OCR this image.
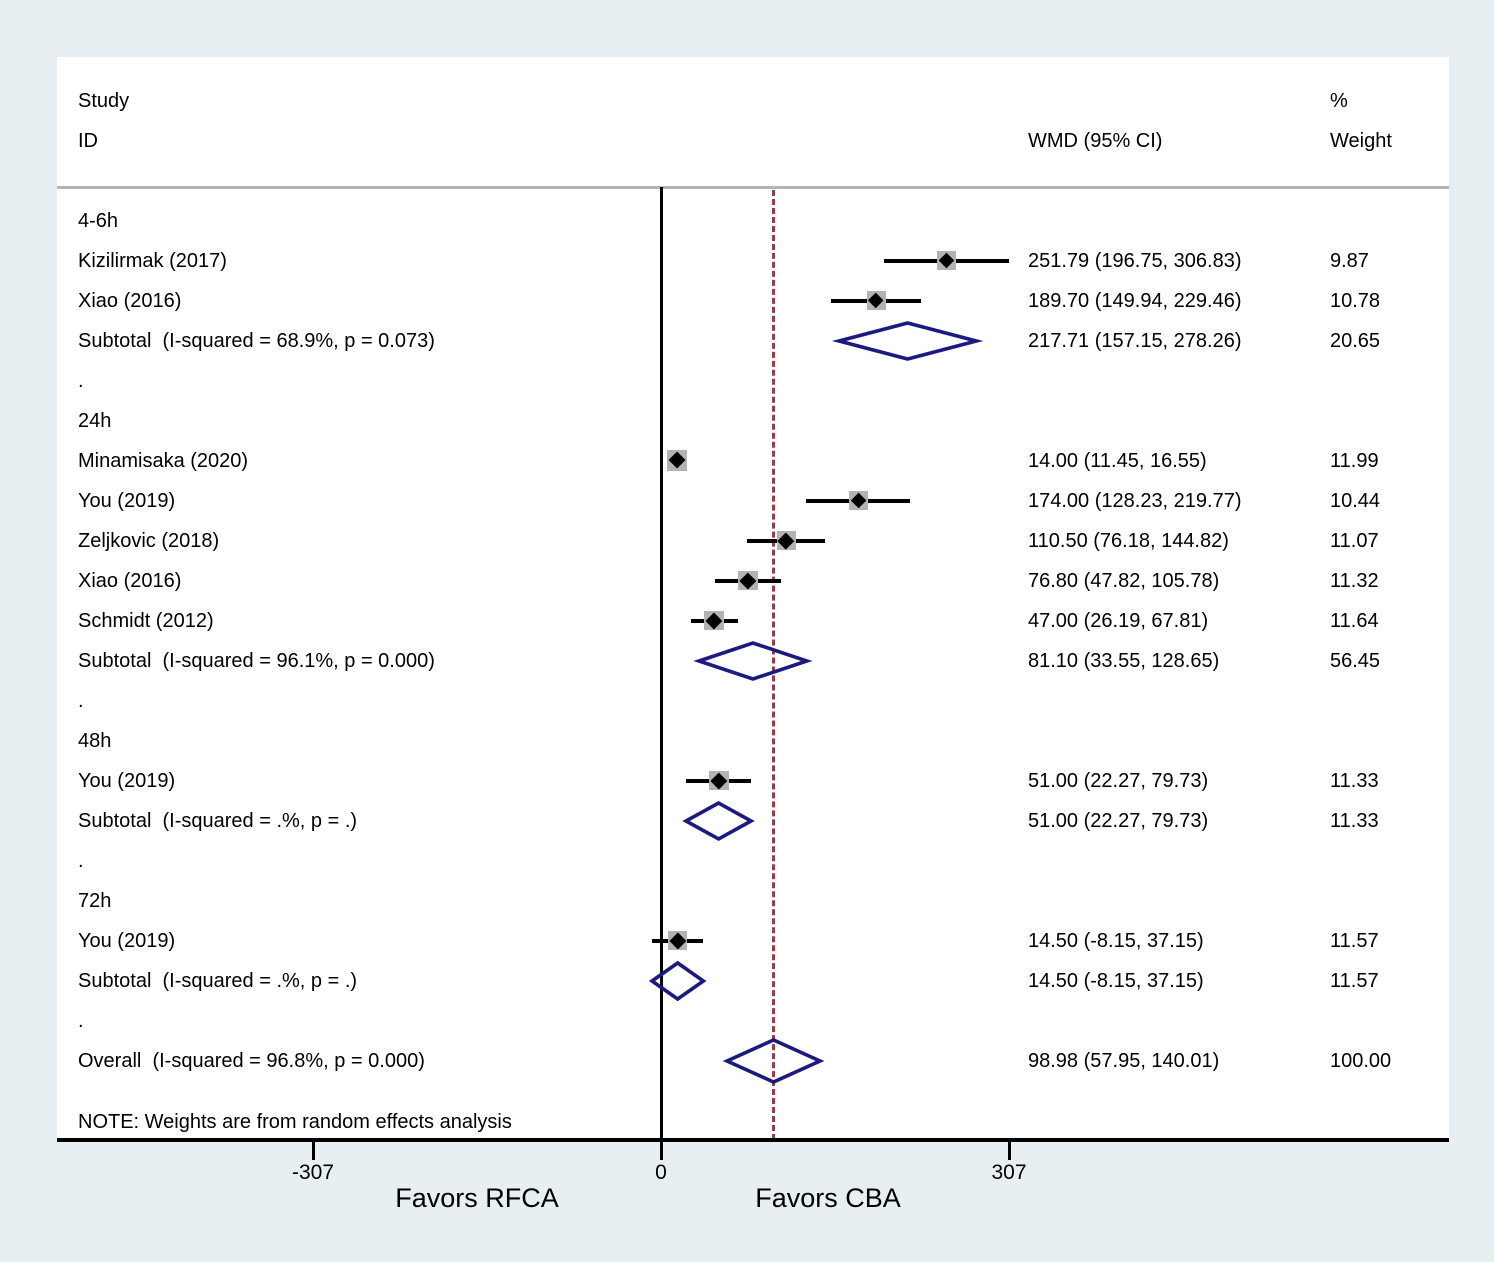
Study
ID	WMD (95% CI)
%
Weight
4-6h
Kizilirmak (2017)	251.79 (196.75, 306.83)	9.87
Xiao (2016)	189.70 (149.94, 229.46)	10.78
Subtotal  (I-squared = 68.9%, p = 0.073)	217.71 (157.15, 278.26)	20.65
.
24h
Minamisaka (2020)	14.00 (11.45, 16.55)	11.99
You (2019)	174.00 (128.23, 219.77)	10.44
Zeljkovic (2018)	110.50 (76.18, 144.82)	11.07
Xiao (2016)	76.80 (47.82, 105.78)	11.32
Schmidt (2012)	47.00 (26.19, 67.81)	11.64
Subtotal  (I-squared = 96.1%, p = 0.000)	81.10 (33.55, 128.65)	56.45
.
48h
You (2019)	51.00 (22.27, 79.73)	11.33
Subtotal  (I-squared = .%, p = .)	51.00 (22.27, 79.73)	11.33
.
72h
You (2019)	14.50 (-8.15, 37.15)	11.57
Subtotal  (I-squared = .%, p = .)	14.50 (-8.15, 37.15)	11.57
.
Overall  (I-squared = 96.8%, p = 0.000)	98.98 (57.95, 140.01)	100.00
NOTE: Weights are from random effects analysis
-307	0	307
Favors RFCA	Favors CBA
